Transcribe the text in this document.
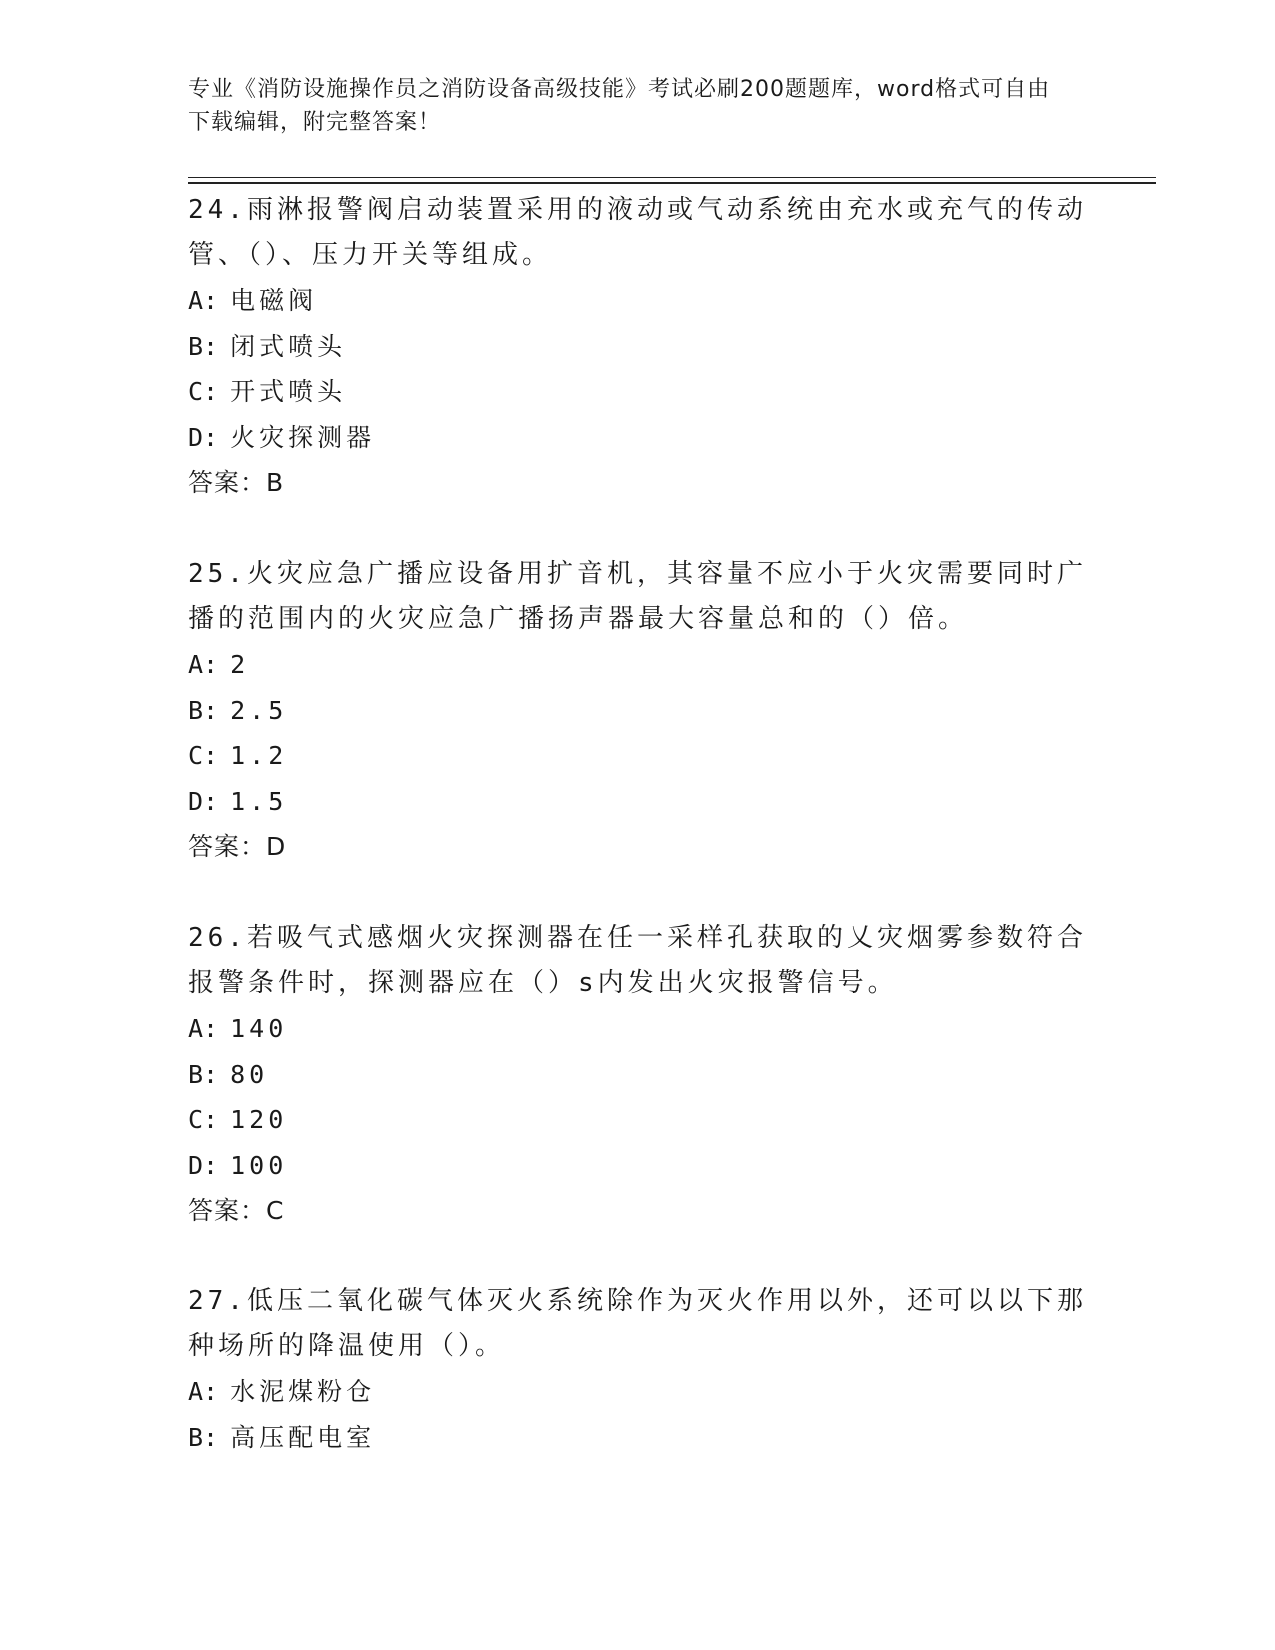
专业《消防设施操作员之消防设备高级技能》考试必刷200题题库，word格式可自由下载编辑，附完整答案！
24.雨淋报警阀启动装置采用的液动或气动系统由充水或充气的传动管、（）、压力开关等组成。
A: 电磁阀
B: 闭式喷头
C: 开式喷头
D: 火灾探测器
答案：B
25.火灾应急广播应设备用扩音机，其容量不应小于火灾需要同时广播的范围内的火灾应急广播扬声器最大容量总和的（）倍。
A: 2
B: 2.5
C: 1.2
D: 1.5
答案：D
26.若吸气式感烟火灾探测器在任一采样孔获取的乂灾烟雾参数符合报警条件时，探测器应在（）s内发出火灾报警信号。
A: 140
B: 80
C: 120
D: 100
答案：C
27.低压二氧化碳气体灭火系统除作为灭火作用以外，还可以以下那种场所的降温使用（）。
A: 水泥煤粉仓
B: 高压配电室
